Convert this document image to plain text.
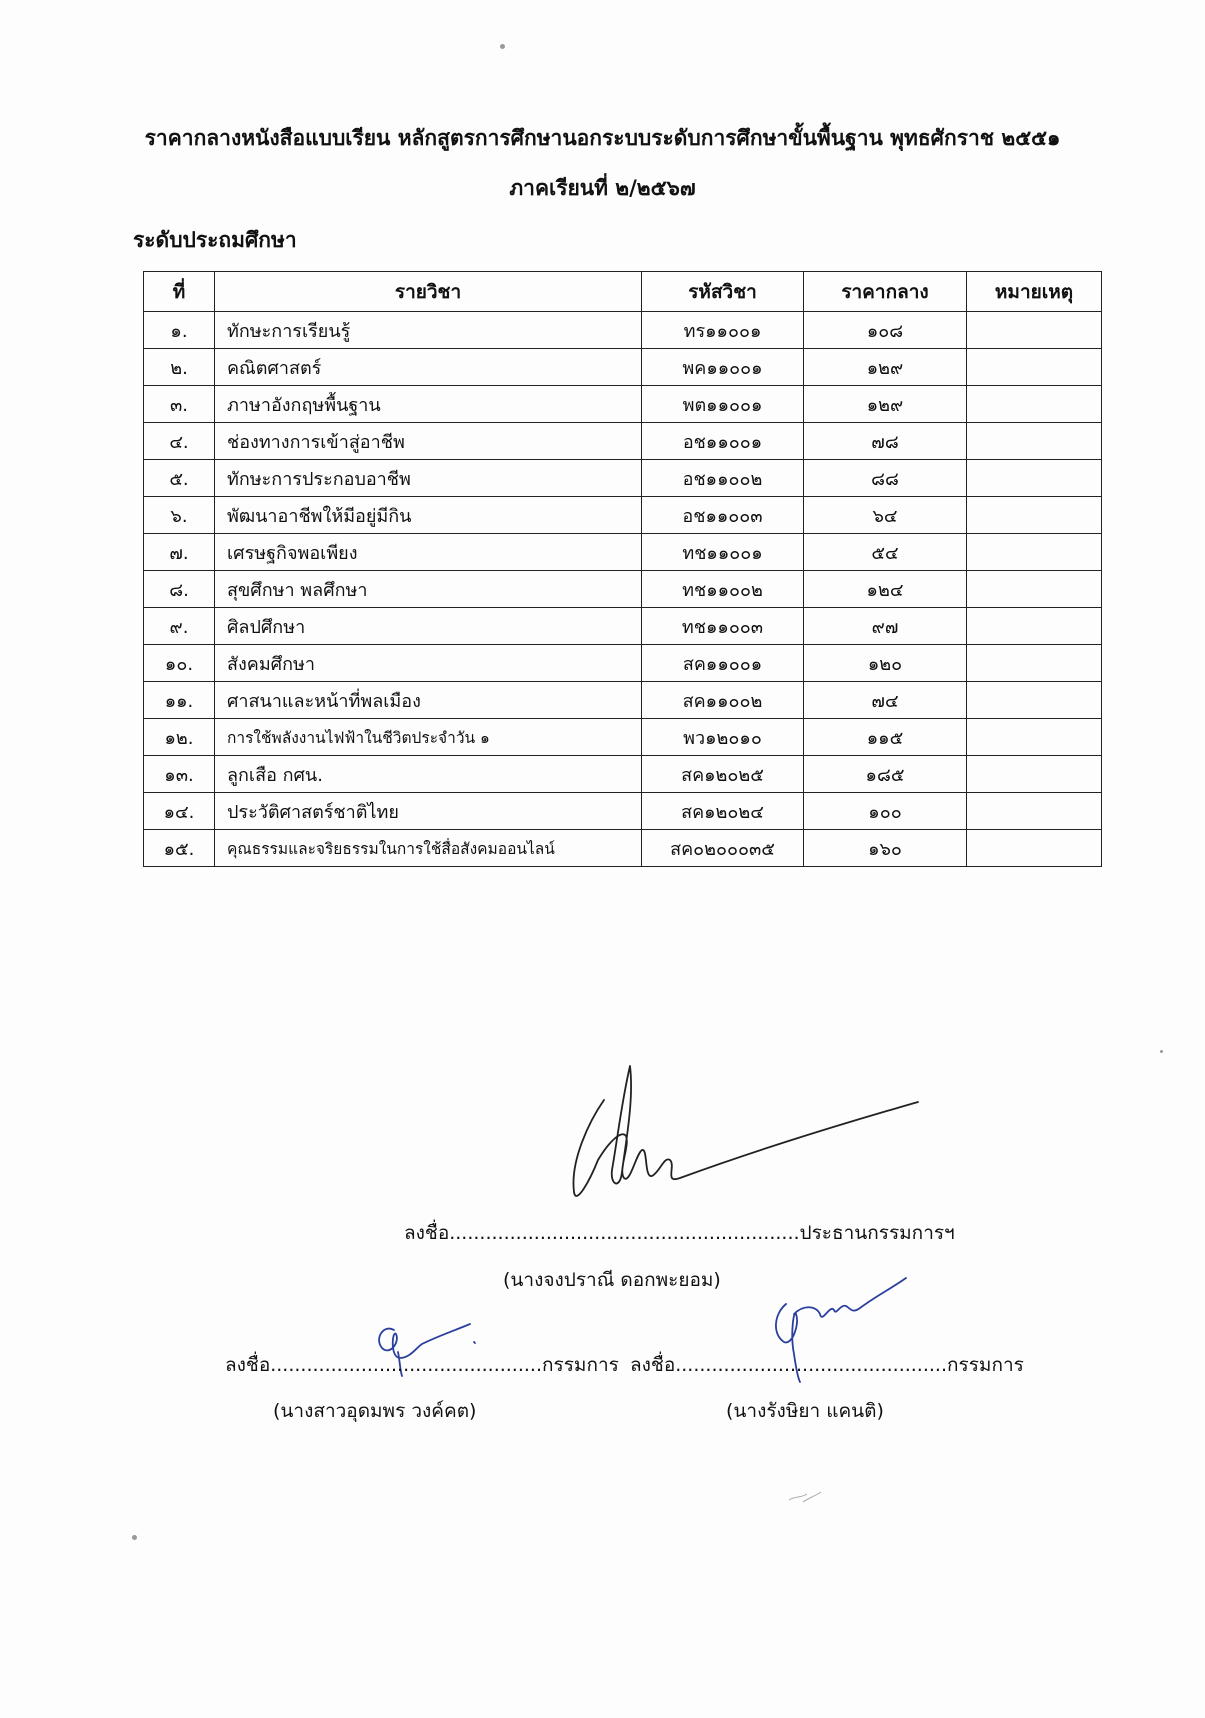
ราคากลางหนังสือแบบเรียน หลักสูตรการศึกษานอกระบบระดับการศึกษาขั้นพื้นฐาน พุทธศักราช ๒๕๕๑
ภาคเรียนที่ ๒/๒๕๖๗
ระดับประถมศึกษา
ที่	รายวิชา	รหัสวิชา	ราคากลาง	หมายเหตุ
๑.	ทักษะการเรียนรู้	ทร๑๑๐๐๑	๑๐๘	
๒.	คณิตศาสตร์	พค๑๑๐๐๑	๑๒๙	
๓.	ภาษาอังกฤษพื้นฐาน	พต๑๑๐๐๑	๑๒๙	
๔.	ช่องทางการเข้าสู่อาชีพ	อช๑๑๐๐๑	๗๘	
๕.	ทักษะการประกอบอาชีพ	อช๑๑๐๐๒	๘๘	
๖.	พัฒนาอาชีพให้มีอยู่มีกิน	อช๑๑๐๐๓	๖๔	
๗.	เศรษฐกิจพอเพียง	ทช๑๑๐๐๑	๕๔	
๘.	สุขศึกษา พลศึกษา	ทช๑๑๐๐๒	๑๒๔	
๙.	ศิลปศึกษา	ทช๑๑๐๐๓	๙๗	
๑๐.	สังคมศึกษา	สค๑๑๐๐๑	๑๒๐	
๑๑.	ศาสนาและหน้าที่พลเมือง	สค๑๑๐๐๒	๗๔	
๑๒.	การใช้พลังงานไฟฟ้าในชีวิตประจำวัน ๑	พว๑๒๐๑๐	๑๑๕	
๑๓.	ลูกเสือ กศน.	สค๑๒๐๒๕	๑๘๕	
๑๔.	ประวัติศาสตร์ชาติไทย	สค๑๒๐๒๔	๑๐๐	
๑๕.	คุณธรรมและจริยธรรมในการใช้สื่อสังคมออนไลน์	สค๐๒๐๐๐๓๕	๑๖๐	
ลงชื่อ..........................................................ประธานกรรมการฯ
(นางจงปราณี ดอกพะยอม)
ลงชื่อ.............................................กรรมการ
(นางสาวอุดมพร วงค์คต)
ลงชื่อ.............................................กรรมการ
(นางรังษิยา แคนติ)
